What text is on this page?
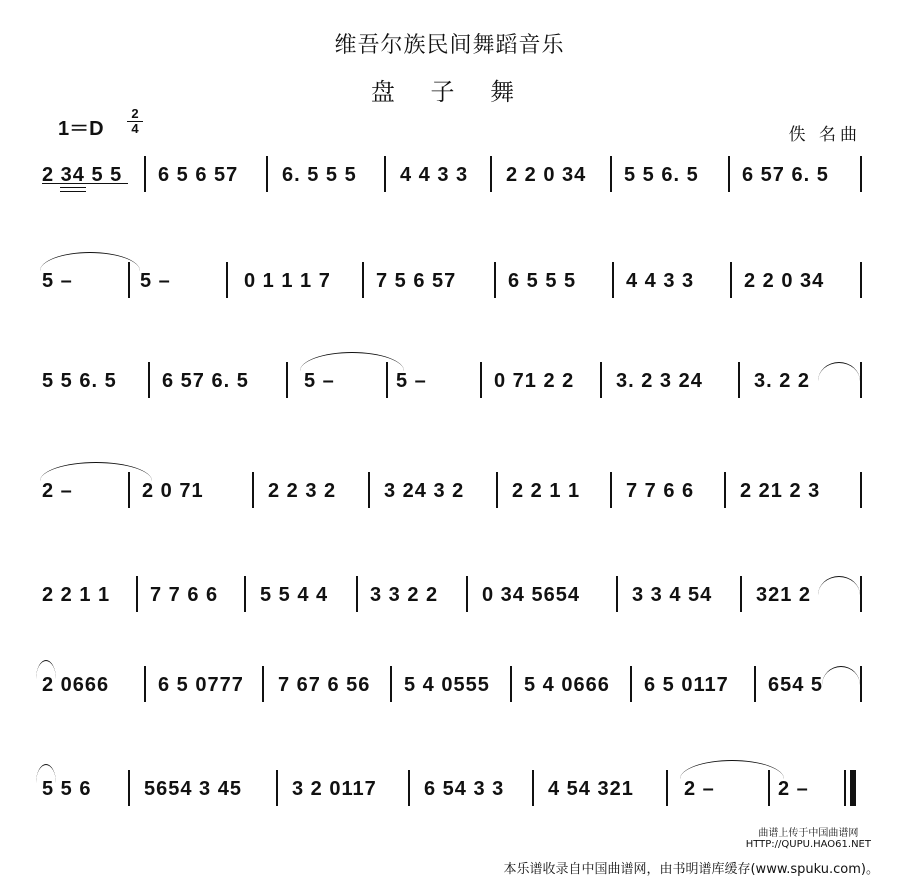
维吾尔族民间舞蹈音乐
盘 子 舞
1＝D
2
4	佚 名曲
2 34 5 5 6 5 6 57 6. 5 5 5 4 4 3 3 2 2 0 34 5 5 6. 5 6 57 6. 5
5 –	5 –	0 1 1 1 7 7 5 6 57	6 5 5 5 4 4 3 3 2 2 0 34
5 5 6. 5 6 57 6. 5	5 –	5 –	0 71 2 2 3. 2 3 24	3. 2 2
2 –	2 0 71	2 2 3 2 3 24 3 2 2 2 1 1 7 7 6 6 2 21 2 3
2 2 1 1 7 7 6 6 5 5 4 4 3 3 2 2 0 34 5654	3 3 4 54 321 2
2 0666 6 5 0777 7 67 6 56 5 4 0555 5 4 0666 6 5 0117 654 5
5 5 6	5654 3 45	3 2 0117 6 54 3 3 4 54 321	2 –	2 –
曲谱上传于中国曲谱网
HTTP://QUPU.HAO61.NET
本乐谱收录自中国曲谱网，由书明谱库缓存(www.spuku.com)。
